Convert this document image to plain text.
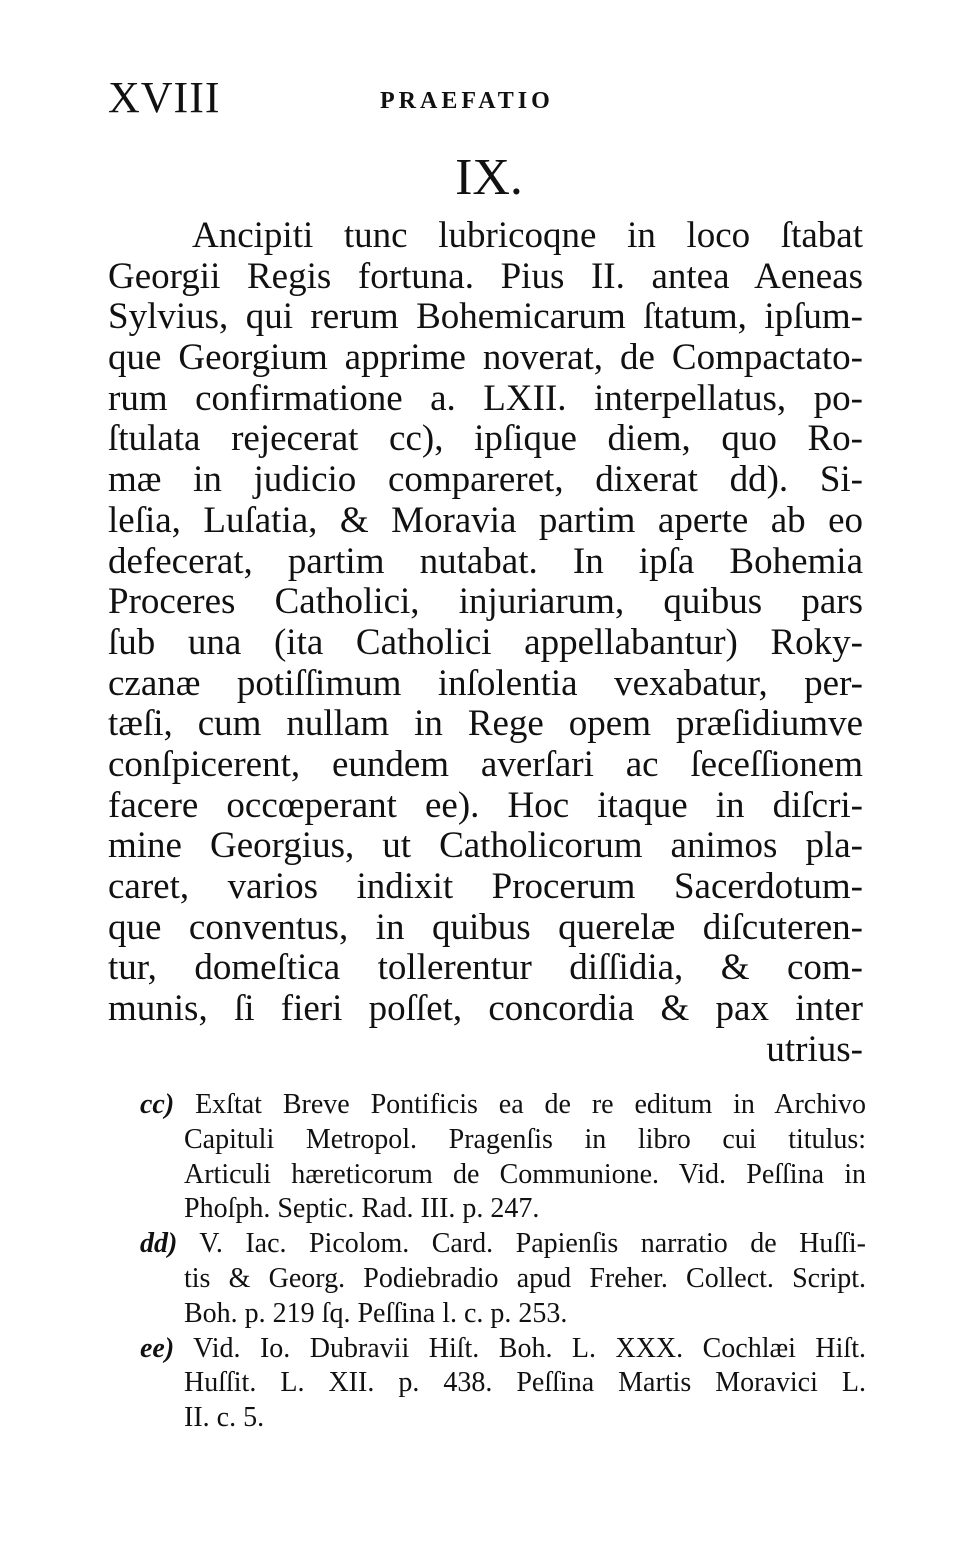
XVIII	PRAEFATIO
IX.
Ancipiti tunc lubricoqne in loco ſtabat
Georgii Regis fortuna. Pius II. antea Aeneas
Sylvius, qui rerum Bohemicarum ſtatum, ipſum-
que Georgium apprime noverat, de Compactato-
rum confirmatione a. LXII. interpellatus, po-
ſtulata rejecerat cc), ipſique diem, quo Ro-
mæ in judicio compareret, dixerat dd). Si-
leſia, Luſatia, & Moravia partim aperte ab eo
defecerat, partim nutabat. In ipſa Bohemia
Proceres Catholici, injuriarum, quibus pars
ſub una (ita Catholici appellabantur) Roky-
czanæ potiſſimum inſolentia vexabatur, per-
tæſi, cum nullam in Rege opem præſidiumve
conſpicerent, eundem averſari ac ſeceſſionem
facere occœperant ee). Hoc itaque in diſcri-
mine Georgius, ut Catholicorum animos pla-
caret, varios indixit Procerum Sacerdotum-
que conventus, in quibus querelæ diſcuteren-
tur, domeſtica tollerentur diſſidia, & com-
munis, ſi fieri poſſet, concordia & pax inter
utrius-
cc) Exſtat Breve Pontificis ea de re editum in Archivo
Capituli Metropol. Pragenſis in libro cui titulus:
Articuli hæreticorum de Communione. Vid. Peſſina in
Phoſph. Septic. Rad. III. p. 247.
dd) V. Iac. Picolom. Card. Papienſis narratio de Huſſi-
tis & Georg. Podiebradio apud Freher. Collect. Script.
Boh. p. 219 ſq. Peſſina l. c. p. 253.
ee) Vid. Io. Dubravii Hiſt. Boh. L. XXX. Cochlæi Hiſt.
Huſſit. L. XII. p. 438. Peſſina Martis Moravici L.
II. c. 5.
